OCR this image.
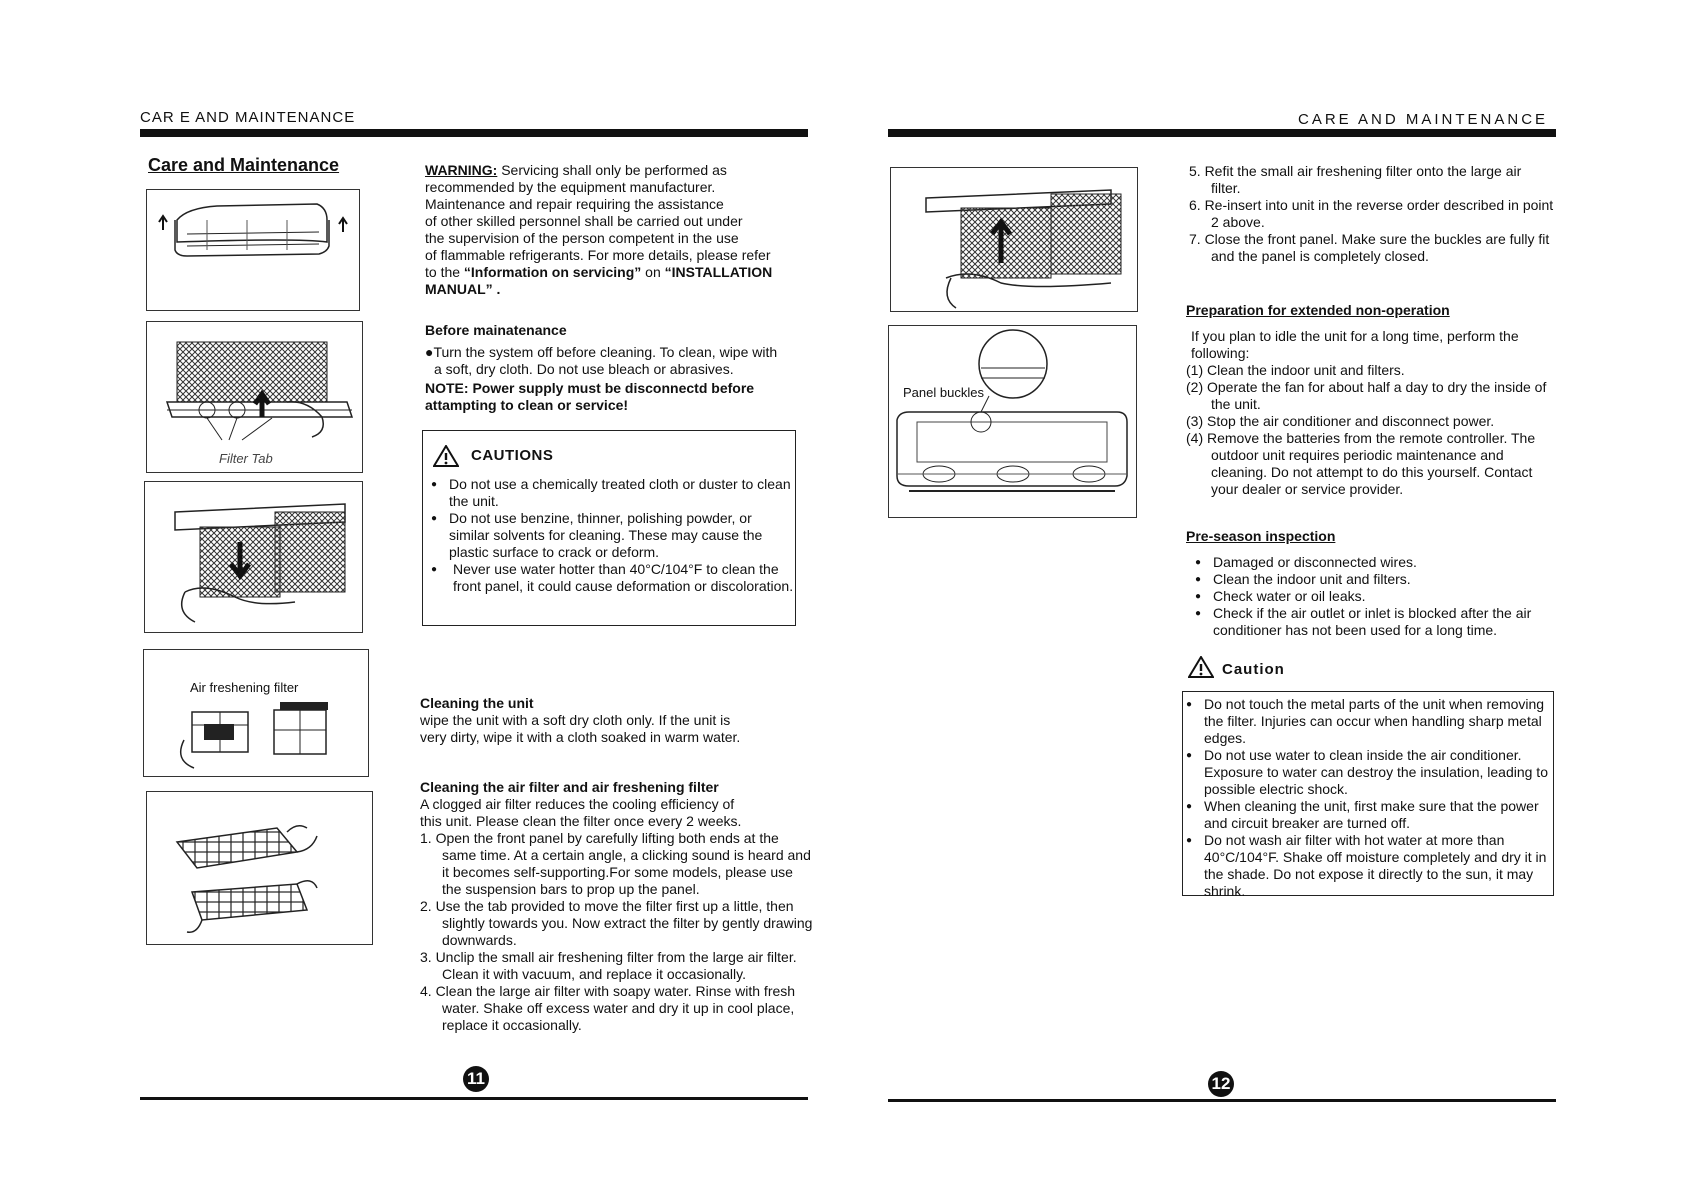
CAR E AND MAINTENANCE
Care and Maintenance
Filter Tab
Air freshening filter

WARNING: Servicing shall only be performed as

recommended by the equipment manufacturer.

Maintenance and repair requiring the assistance

of other skilled personnel shall be carried out under

the supervision of the person competent in the use

of flammable refrigerants. For more details, please refer

to the “Information on servicing” on “INSTALLATION

MANUAL” .

Before mainatenance

●Turn the system off before cleaning. To clean, wipe with

a soft, dry cloth. Do not use bleach or abrasives.

NOTE: Power supply must be disconnectd before

attampting to clean or service!

CAUTIONS
● Do not use a chemically treated cloth or duster to clean the unit.
● Do not use benzine, thinner, polishing powder, or similar solvents for cleaning. These may cause the plastic surface to crack or deform.
● Never use water hotter than 40°C/104°F to clean the front panel, it could cause deformation or discoloration.

Cleaning the unit

wipe the unit with a soft dry cloth only. If the unit is

very dirty, wipe it with a cloth soaked in warm water.

Cleaning the air filter and air freshening filter

A clogged air filter reduces the cooling efficiency of

this unit. Please clean the filter once every 2 weeks.

1. Open the front panel by carefully lifting both ends at the same time. At a certain angle, a clicking sound is heard and it becomes self-supporting.For some models, please use the suspension bars to prop up the panel.
2. Use the tab provided to move the filter first up a little, then slightly towards you. Now extract the filter by gently drawing downwards.
3. Unclip the small air freshening filter from the large air filter. Clean it with vacuum, and replace it occasionally.
4. Clean the large air filter with soapy water. Rinse with fresh water. Shake off excess water and dry it up in cool place, replace it occasionally.
11
CARE AND MAINTENANCE
Panel buckles
5. Refit the small air freshening filter onto the large air filter.
6. Re-insert into unit in the reverse order described in point 2 above.
7. Close the front panel. Make sure the buckles are fully fit and the panel is completely closed.

Preparation for extended non-operation

If you plan to idle the unit for a long time, perform the following:

(1) Clean the indoor unit and filters.
(2) Operate the fan for about half a day to dry the inside of the unit.
(3) Stop the air conditioner and disconnect power.
(4) Remove the batteries from the remote controller. The outdoor unit requires periodic maintenance and cleaning. Do not attempt to do this yourself. Contact your dealer or service provider.

Pre-season inspection

● Damaged or disconnected wires.
● Clean the indoor unit and filters.
● Check water or oil leaks.
● Check if the air outlet or inlet is blocked after the air conditioner has not been used for a long time.
Caution
● Do not touch the metal parts of the unit when removing the filter. Injuries can occur when handling sharp metal edges.
● Do not use water to clean inside the air conditioner. Exposure to water can destroy the insulation, leading to possible electric shock.
● When cleaning the unit, first make sure that the power and circuit breaker are turned off.
● Do not wash air filter with hot water at more than 40°C/104°F. Shake off moisture completely and dry it in the shade. Do not expose it directly to the sun, it may shrink.
12
